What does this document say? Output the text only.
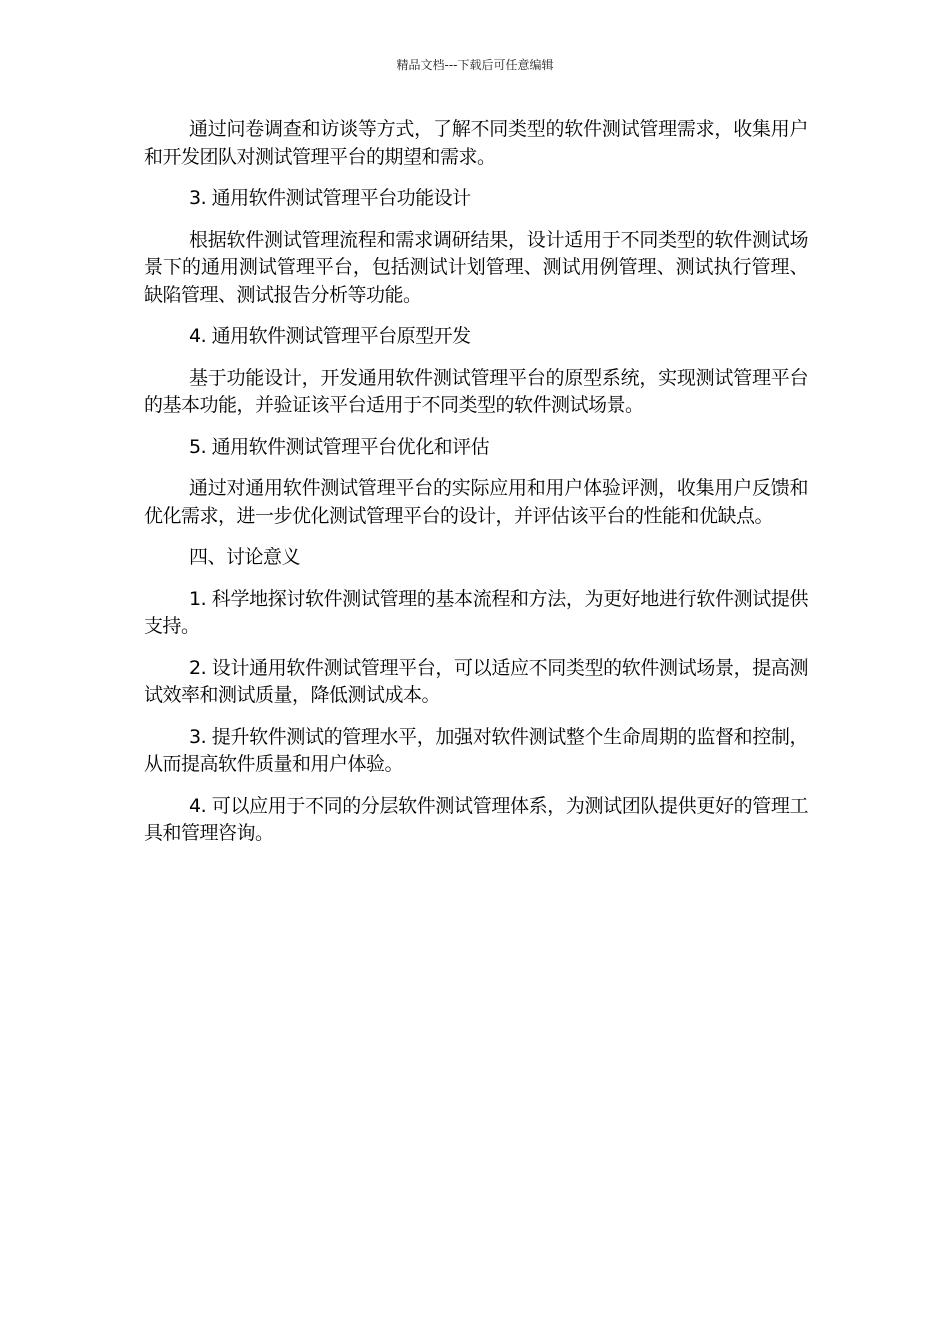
精品文档---下载后可任意编辑

通过问卷调查和访谈等方式，了解不同类型的软件测试管理需求，收集用户和开发团队对测试管理平台的期望和需求。

3. 通用软件测试管理平台功能设计

根据软件测试管理流程和需求调研结果，设计适用于不同类型的软件测试场景下的通用测试管理平台，包括测试计划管理、测试用例管理、测试执行管理、缺陷管理、测试报告分析等功能。

4. 通用软件测试管理平台原型开发

基于功能设计，开发通用软件测试管理平台的原型系统，实现测试管理平台的基本功能，并验证该平台适用于不同类型的软件测试场景。

5. 通用软件测试管理平台优化和评估

通过对通用软件测试管理平台的实际应用和用户体验评测，收集用户反馈和优化需求，进一步优化测试管理平台的设计，并评估该平台的性能和优缺点。

四、讨论意义

1. 科学地探讨软件测试管理的基本流程和方法，为更好地进行软件测试提供支持。

2. 设计通用软件测试管理平台，可以适应不同类型的软件测试场景，提高测试效率和测试质量，降低测试成本。

3. 提升软件测试的管理水平，加强对软件测试整个生命周期的监督和控制，从而提高软件质量和用户体验。

4. 可以应用于不同的分层软件测试管理体系，为测试团队提供更好的管理工具和管理咨询。
